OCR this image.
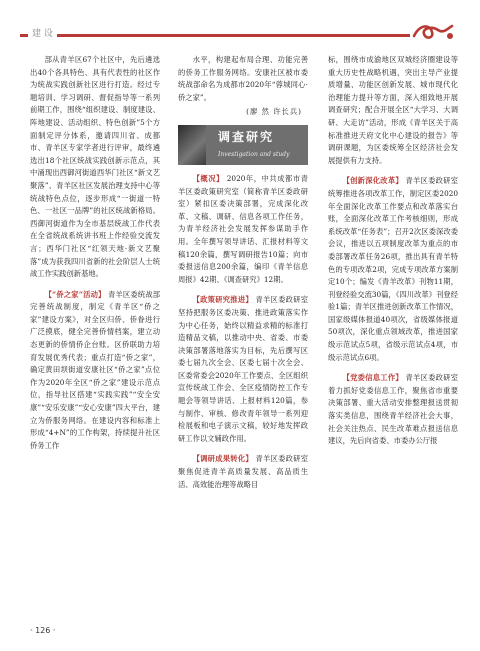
建 设

部从青羊区67个社区中，先后遴选出40个各具特色、具有代表性的社区作为统战实践创新社区进行打造。经过专题培训、学习调研、督促指导等一系列前期工作，围绕“组织建设、制度建设、阵地建设、活动组织、特色创新”5个方面制定评分体系，邀请四川省、成都市、青羊区专家学者进行评审，最终遴选出18个社区统战实践创新示范点，其中涌现出西御河街道西华门社区“新文艺聚落”、青羊区社区发展治理支持中心等统战特色点位，逐步形成“一街道一特色、一社区一品牌”的社区统战新格局。西御河街道作为全市基层统战工作代表在全省统战系统讲书班上作经验交流发言；西华门社区“红领天地·新文艺聚落”成为获我四川省新的社会阶层人士统战工作实践创新基地。

【“侨之家”活动】 青羊区委统战部完善统战制度，制定《青羊区“侨之家”建设方案》，对全区归侨、侨眷进行广泛摸底，健全完善侨情档案，建立动态更新的侨情侨企台账。区侨联助力培育发展优秀代表；重点打造“侨之家”，确定黄田坝街道安康社区“侨之家”点位作为2020年全区“侨之家”建设示范点位，指导社区搭建“实践实践”“安全安康”“安乐安康”“安心安康”四大平台，建立为侨服务网络。在建设内容和标准上形成“4+N”的工作构架，持续提升社区侨务工作

水平，构建起布局合理、功能完善的侨务工作服务网络。安康社区被市委统战部命名为成都市2020年“蓉城同心·侨之家”。

(廖 然 许长兵)
调查研究
Investigation and study

【概况】 2020年，中共成都市青羊区委政策研究室（简称青羊区委政研室）紧扣区委决策部署，完成深化改革、文稿、调研、信息各项工作任务，为青羊经济社会发展发挥参谋助手作用。全年撰写领导讲话、汇报材料等文稿120余篇，撰写调研报告10篇；向市委报送信息200余篇，编印《青羊信息周报》42期、《调查研究》12期。

【政策研究推进】 青羊区委政研室坚持把服务区委决策、推进政策落实作为中心任务，始终以精益求精的标准打造精品文稿，以推动中央、省委、市委决策部署落地落实为目标，先后撰写区委七届九次全会、区委七届十次全会、区委常委会2020年工作要点、全区组织宣传统战工作会、全区疫情防控工作专题会等领导讲话、上报材料120篇，参与制作、审核、修改青年领导一系列迎检展板和电子演示文稿，较好地发挥政研工作以文辅政作用。

【调研成果转化】 青羊区委政研室聚焦促进青羊高质量发展、高品质生活、高效能治理等战略目

标，围绕市成渝地区双城经济圈建设等重大历史性战略机遇，突出主导产业提质增量、功能区创新发展、城市现代化治理能力提升等方面，深入细致地开展调查研究；配合开展全区“大学习、大调研、大走访”活动，形成《青羊区关于高标准推进天府文化中心建设的报告》等调研课题，为区委统筹全区经济社会发展提供有力支持。

【创新深化改革】 青羊区委政研室统筹推进各项改革工作，制定区委2020年全面深化改革工作要点和改革落实台账，全面深化改革工作考核细则，形成系统改革“任务表”；召开2次区委深改委会议，推进以五项制度改革为重点的市委部署改革任务26项，推出具有青羊特色的专项改革2项，完成专项改革方案制定10个；编发《青羊改革》刊物11期，刊登经验交流30篇，《四川改革》刊登经验1篇；青羊区推进创新改革工作情况，国家级媒体报道40项次，省级媒体报道50项次，深化重点领域改革，推进国家级示范试点5项，省级示范试点4项，市级示范试点6项。

【党委信息工作】 青羊区委政研室着力抓好党委信息工作，聚焦省市重要决策部署、重大活动安排整理报送贯彻落实类信息，围绕青羊经济社会大事，社会关注热点、民生改革难点报送信息建议，先后向省委、市委办公厅报

· 126 ·
